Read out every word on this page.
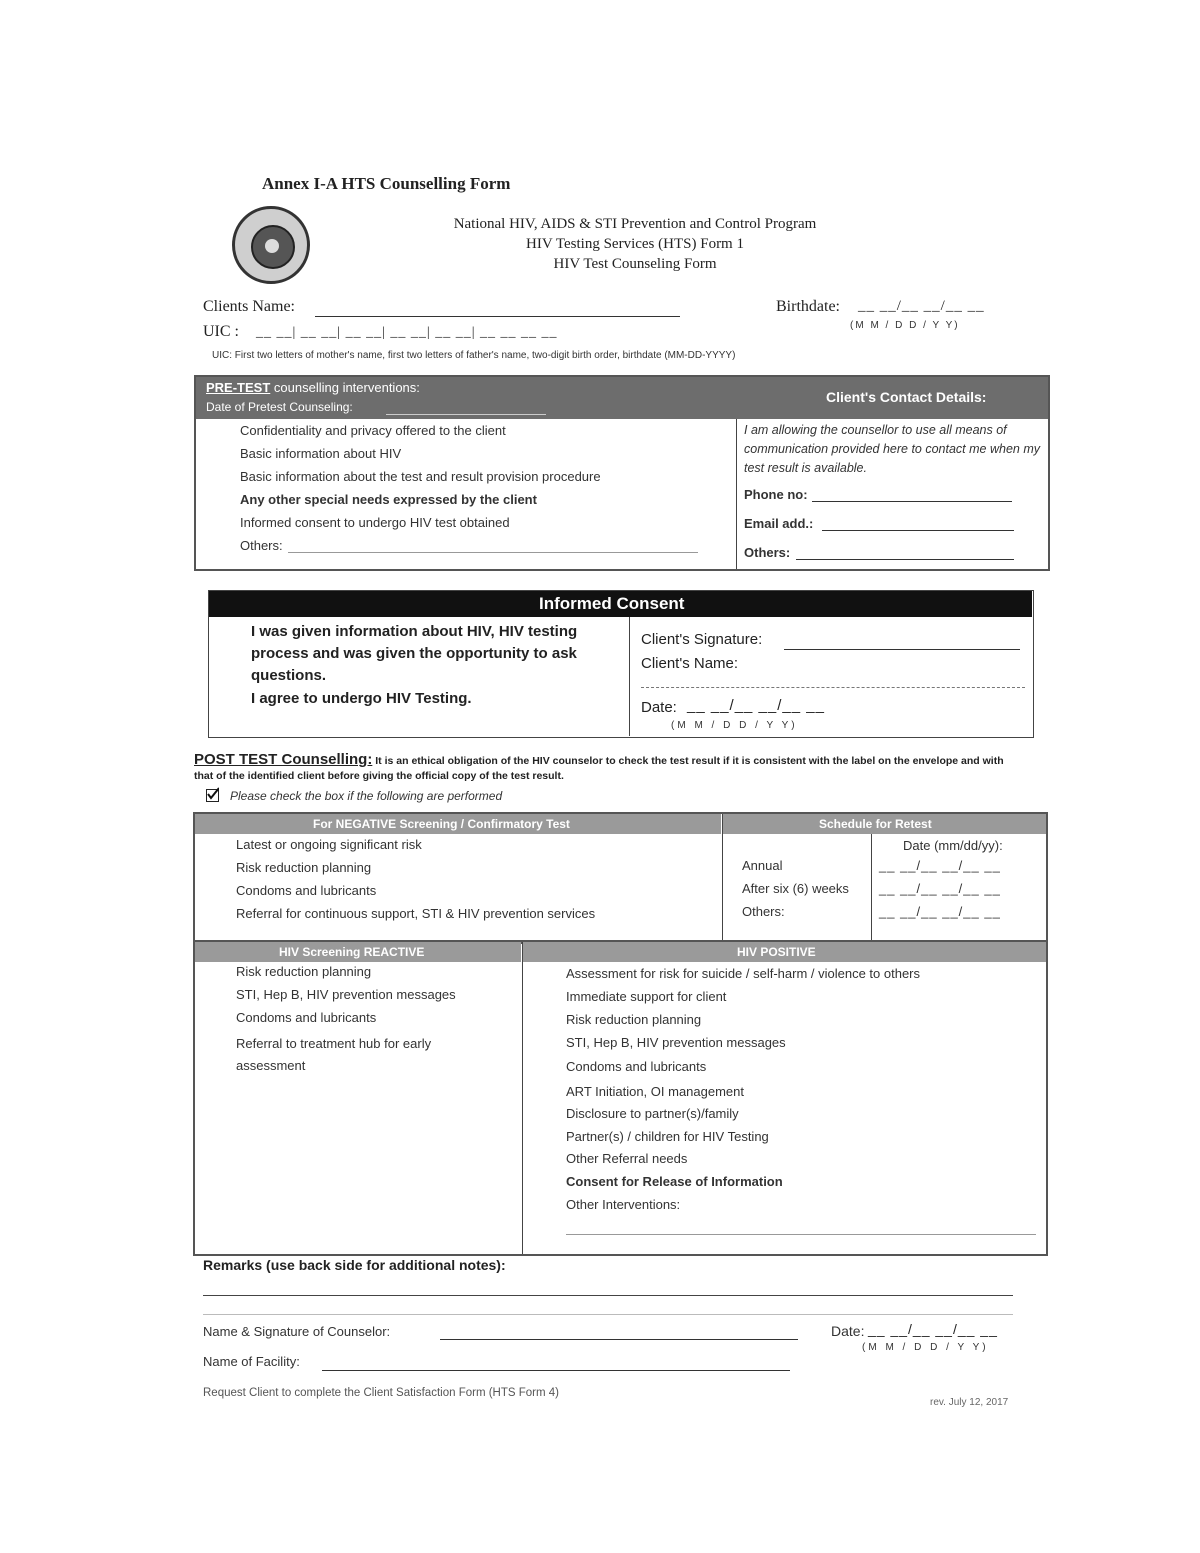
Annex I-A HTS Counselling Form
National HIV, AIDS & STI Prevention and Control Program
HIV Testing Services (HTS) Form 1
HIV Test Counseling Form
Clients Name:	Birthdate: __ __/__ __/__ __
(M M / D D / Y Y)
UIC : __ __| __ __| __ __| __ __| __ __| __ __ __ __
UIC: First two letters of mother's name, first two letters of father's name, two-digit birth order, birthdate (MM-DD-YYYY)
PRE-TEST counselling interventions:
Date of Pretest Counseling:
Client's Contact Details:
Confidentiality and privacy offered to the client
Basic information about HIV
Basic information about the test and result provision procedure
Any other special needs expressed by the client
Informed consent to undergo HIV test obtained
Others:
I am allowing the counsellor to use all means of communication provided here to contact me when my test result is available.
Phone no:
Email add.:
Others:
Informed Consent
I was given information about HIV, HIV testing process and was given the opportunity to ask questions.
I agree to undergo HIV Testing.
Client's Signature:
Client's Name:
Date: __ __/__ __/__ __
(M M / D D / Y Y)
POST TEST Counselling: It is an ethical obligation of the HIV counselor to check the test result if it is consistent with the label on the envelope and with that of the identified client before giving the official copy of the test result.
Please check the box if the following are performed
For NEGATIVE Screening / Confirmatory Test	Schedule for Retest
Latest or ongoing significant risk
Risk reduction planning
Condoms and lubricants
Referral for continuous support, STI & HIV prevention services
Date (mm/dd/yy):
Annual	__ __/__ __/__ __
After six (6) weeks __ __/__ __/__ __
Others:	__ __/__ __/__ __
HIV Screening REACTIVE	HIV POSITIVE
Risk reduction planning
STI, Hep B, HIV prevention messages
Condoms and lubricants
Referral to treatment hub for early
assessment
Assessment for risk for suicide / self-harm / violence to others
Immediate support for client
Risk reduction planning
STI, Hep B, HIV prevention messages
Condoms and lubricants
ART Initiation, OI management
Disclosure to partner(s)/family
Partner(s) / children for HIV Testing
Other Referral needs
Consent for Release of Information
Other Interventions:
Remarks (use back side for additional notes):
Name & Signature of Counselor:	Date: __ __/__ __/__ __
(M M / D D / Y Y)
Name of Facility:
Request Client to complete the Client Satisfaction Form (HTS Form 4)
rev. July 12, 2017
